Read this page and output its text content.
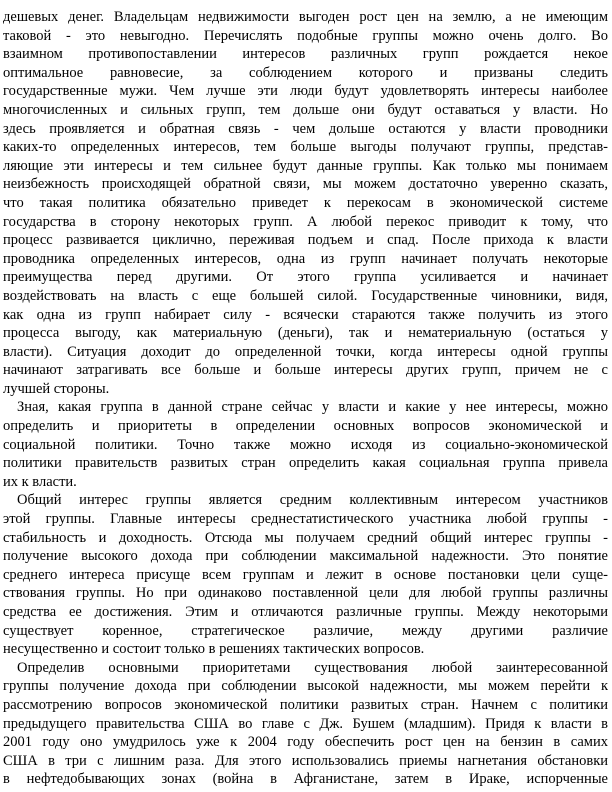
дешевых денег. Владельцам недвижимости выгоден рост цен на землю, а не имеющим
таковой - это невыгодно. Перечислять подобные группы можно очень долго. Во
взаимном противопоставлении интересов различных групп рождается некое
оптимальное равновесие, за соблюдением которого и призваны следить
государственные мужи. Чем лучше эти люди будут удовлетворять интересы наиболее
многочисленных и сильных групп, тем дольше они будут оставаться у власти. Но
здесь проявляется и обратная связь - чем дольше остаются у власти проводники
каких-то определенных интересов, тем больше выгоды получают группы, представ-
ляющие эти интересы и тем сильнее будут данные группы. Как только мы понимаем
неизбежность происходящей обратной связи, мы можем достаточно уверенно сказать,
что такая политика обязательно приведет к перекосам в экономической системе
государства в сторону некоторых групп. А любой перекос приводит к тому, что
процесс развивается циклично, переживая подъем и спад. После прихода к власти
проводника определенных интересов, одна из групп начинает получать некоторые
преимущества перед другими. От этого группа усиливается и начинает
воздействовать на власть с еще большей силой. Государственные чиновники, видя,
как одна из групп набирает силу - всячески стараются также получить из этого
процесса выгоду, как материальную (деньги), так и нематериальную (остаться у
власти). Ситуация доходит до определенной точки, когда интересы одной группы
начинают затрагивать все больше и больше интересы других групп, причем не с
лучшей стороны.
Зная, какая группа в данной стране сейчас у власти и какие у нее интересы, можно
определить и приоритеты в определении основных вопросов экономической и
социальной политики. Точно также можно исходя из социально-экономической
политики правительств развитых стран определить какая социальная группа привела
их к власти.
Общий интерес группы является средним коллективным интересом участников
этой группы. Главные интересы среднестатистического участника любой группы -
стабильность и доходность. Отсюда мы получаем средний общий интерес группы -
получение высокого дохода при соблюдении максимальной надежности. Это понятие
среднего интереса присуще всем группам и лежит в основе постановки цели суще-
ствования группы. Но при одинаково поставленной цели для любой группы различны
средства ее достижения. Этим и отличаются различные группы. Между некоторыми
существует коренное, стратегическое различие, между другими различие
несущественно и состоит только в решениях тактических вопросов.
Определив основными приоритетами существования любой заинтересованной
группы получение дохода при соблюдении высокой надежности, мы можем перейти к
рассмотрению вопросов экономической политики развитых стран. Начнем с политики
предыдущего правительства США во главе с Дж. Бушем (младшим). Придя к власти в
2001 году оно умудрилось уже к 2004 году обеспечить рост цен на бензин в самих
США в три с лишним раза. Для этого использовались приемы нагнетания обстановки
в нефтедобывающих зонах (война в Афганистане, затем в Ираке, испорченные
